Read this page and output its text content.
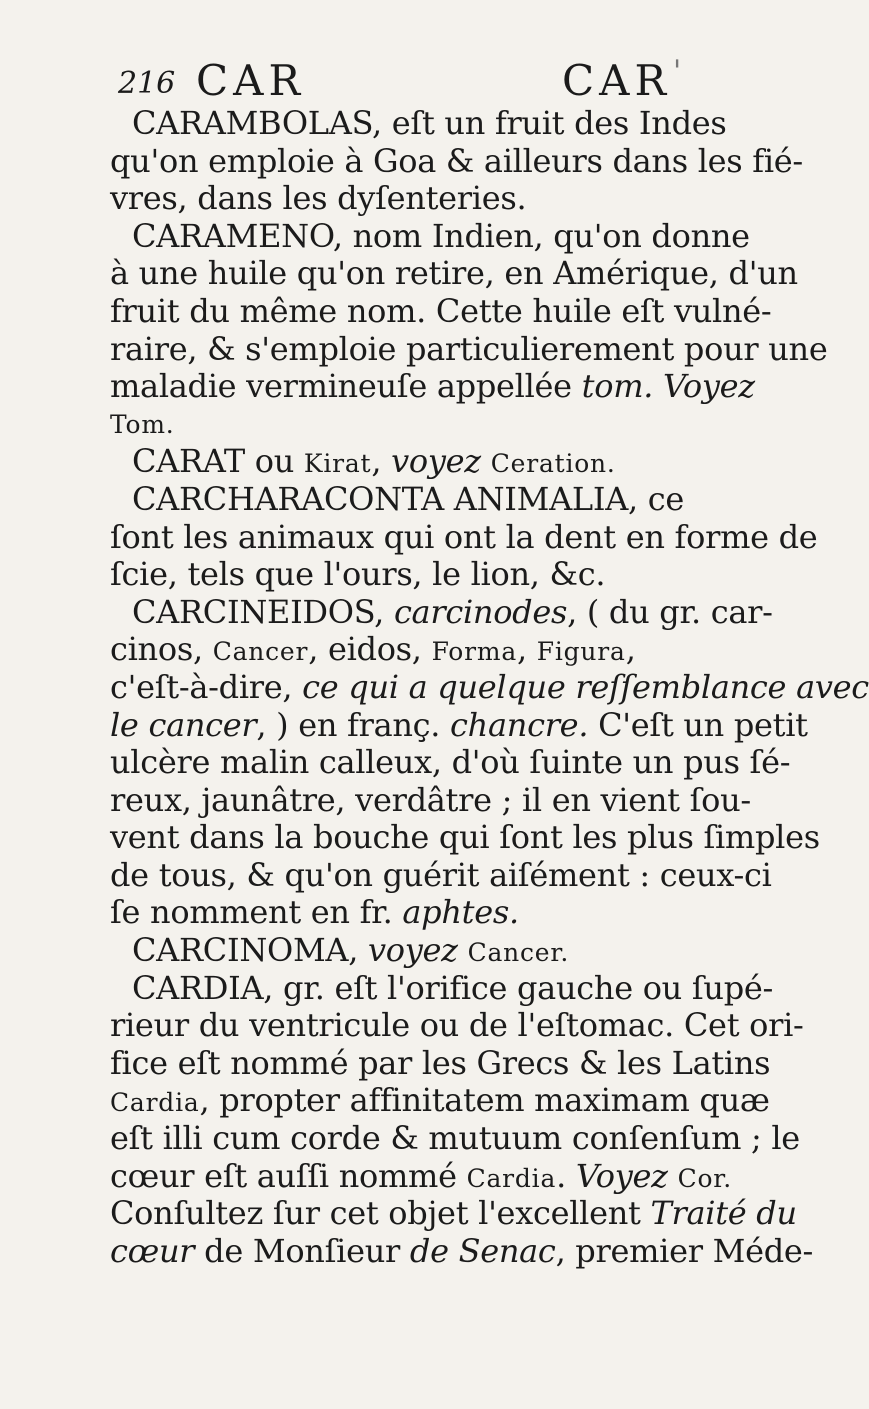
216 CAR	CAR '
CARAMBOLAS, eſt un fruit des Indes
qu'on emploie à Goa & ailleurs dans les fié-
vres, dans les dyſenteries.
CARAMENO, nom Indien, qu'on donne
à une huile qu'on retire, en Amérique, d'un
fruit du même nom. Cette huile eſt vulné-
raire, & s'emploie particulierement pour une
maladie vermineuſe appellée tom. Voyez
Tom.
CARAT ou Kirat, voyez Ceration.
CARCHARACONTA ANIMALIA, ce
ſont les animaux qui ont la dent en forme de
ſcie, tels que l'ours, le lion, &c.
CARCINEIDOS, carcinodes, ( du gr. car-
cinos, Cancer, eidos, Forma, Figura,
c'eſt-à-dire, ce qui a quelque reſſemblance avec
le cancer, ) en franç. chancre. C'eſt un petit
ulcère malin calleux, d'où ſuinte un pus ſé-
reux, jaunâtre, verdâtre ; il en vient ſou-
vent dans la bouche qui ſont les plus ſimples
de tous, & qu'on guérit aiſément : ceux-ci
ſe nomment en fr. aphtes.
CARCINOMA, voyez Cancer.
CARDIA, gr. eſt l'orifice gauche ou ſupé-
rieur du ventricule ou de l'eſtomac. Cet ori-
fice eſt nommé par les Grecs & les Latins
Cardia, propter affinitatem maximam quæ
eſt illi cum corde & mutuum conſenſum ; le
cœur eſt auſſi nommé Cardia. Voyez Cor.
Conſultez ſur cet objet l'excellent Traité du
cœur de Monſieur de Senac, premier Méde-
